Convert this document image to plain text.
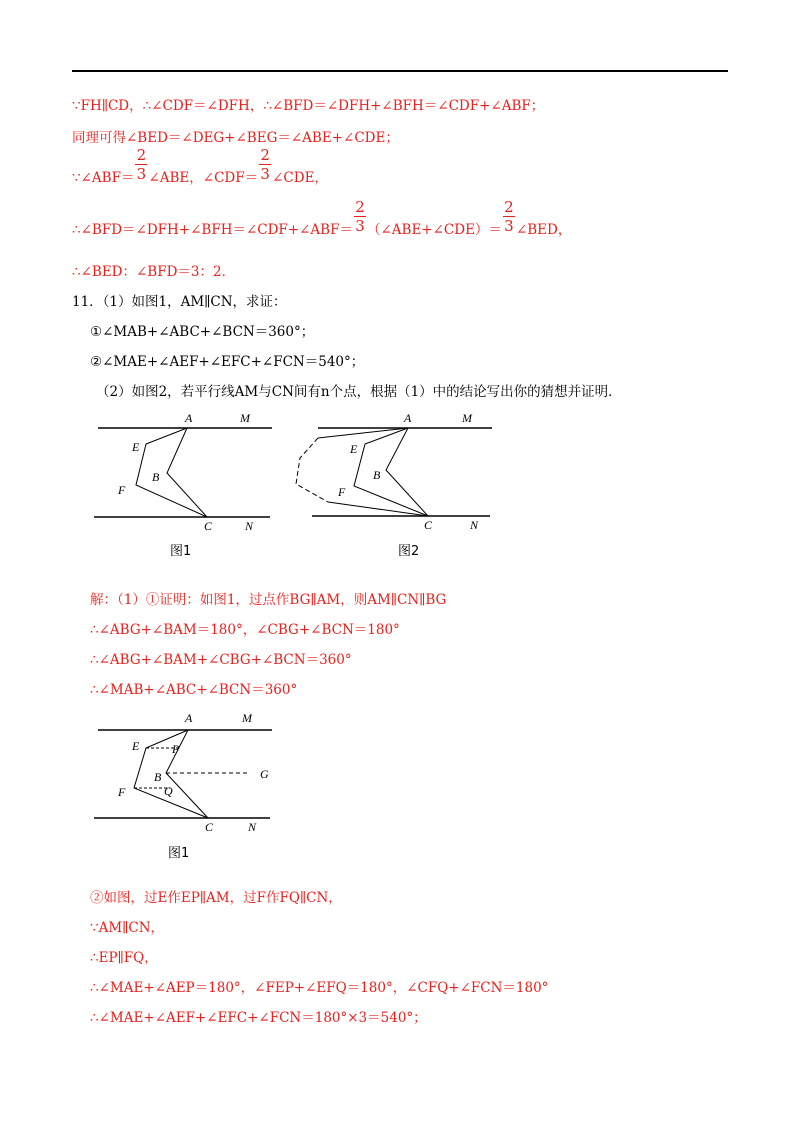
∵FH∥CD，∴∠CDF＝∠DFH，∴∠BFD＝∠DFH+∠BFH＝∠CDF+∠ABF；
同理可得∠BED＝∠DEG+∠BEG＝∠ABE+∠CDE；
∵∠ABF＝ $\frac{2}{3}$ ∠ABE，∠CDF＝ $\frac{2}{3}$ ∠CDE，
∴∠BFD＝∠DFH+∠BFH＝∠CDF+∠ABF＝ $\frac{2}{3}$ （∠ABE+∠CDE）＝ $\frac{2}{3}$ ∠BED，
∴∠BED：∠BFD＝3：2．
11．（1）如图1，AM∥CN，求证：
①∠MAB+∠ABC+∠BCN＝360°；
②∠MAE+∠AEF+∠EFC+∠FCN＝540°；
（2）如图2，若平行线AM与CN间有n个点，根据（1）中的结论写出你的猜想并证明．
A	M
E
B
F
C	N
图1
A	M
E
B
F
C	N
图2
解：（1）①证明：如图1，过点作BG∥AM，则AM∥CN∥BG
∴∠ABG+∠BAM＝180°，∠CBG+∠BCN＝180°
∴∠ABG+∠BAM+∠CBG+∠BCN＝360°
∴∠MAB+∠ABC+∠BCN＝360°
A	M
E	P
B	G
F	Q
C	N
图1
②如图，过E作EP∥AM，过F作FQ∥CN，
∵AM∥CN，
∴EP∥FQ，
∴∠MAE+∠AEP＝180°，∠FEP+∠EFQ＝180°，∠CFQ+∠FCN＝180°
∴∠MAE+∠AEF+∠EFC+∠FCN＝180°×3＝540°；
